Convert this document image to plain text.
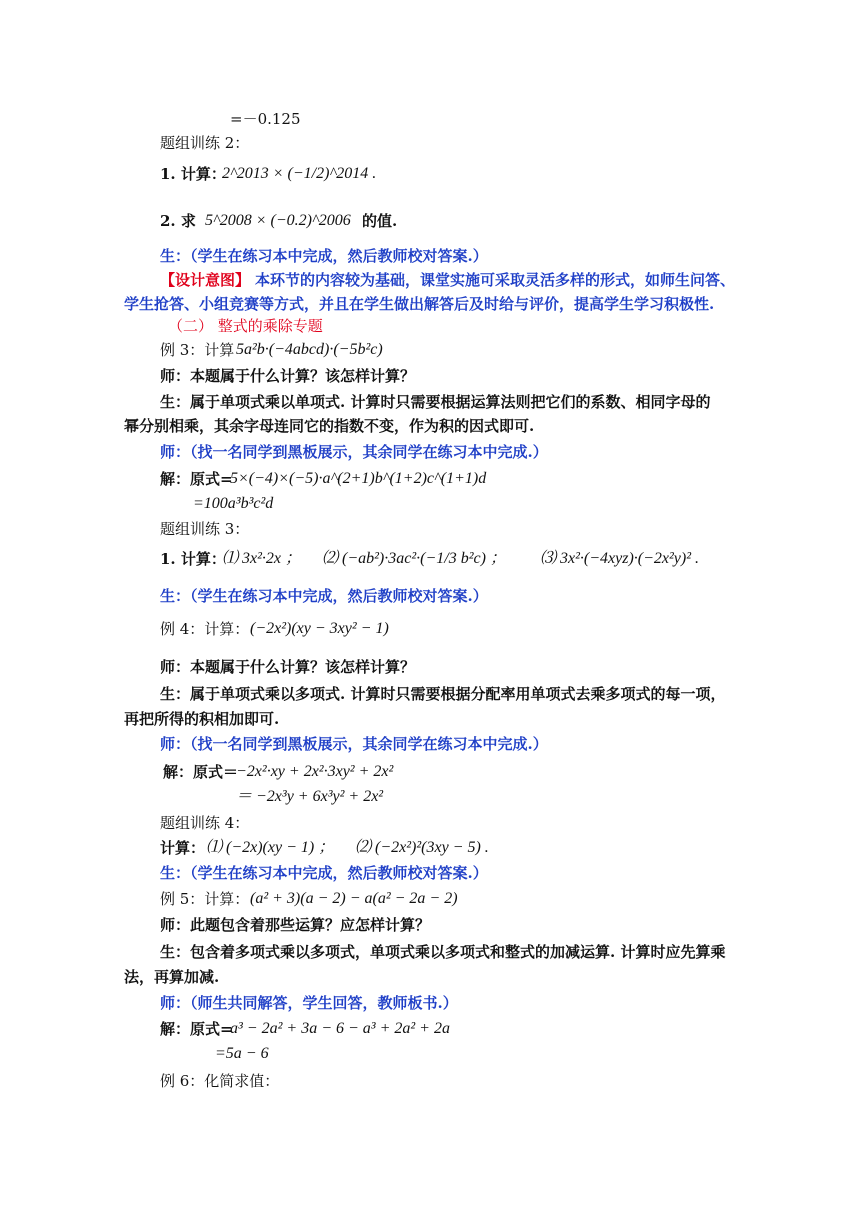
=－0.125
题组训练 2：
1. 计算：
2^2013 × (−1/2)^2014 .
2. 求 5^2008 × (−0.2)^2006 的值.
生：（学生在练习本中完成，然后教师校对答案.）
【设计意图】 本环节的内容较为基础，课堂实施可采取灵活多样的形式，如师生问答、
学生抢答、小组竞赛等方式，并且在学生做出解答后及时给与评价，提高学生学习积极性.
（二） 整式的乘除专题
例 3：计算 5a²b·(−4abcd)·(−5b²c)
师：本题属于什么计算？该怎样计算？
生：属于单项式乘以单项式. 计算时只需要根据运算法则把它们的系数、相同字母的
幂分别相乘，其余字母连同它的指数不变，作为积的因式即可.
师：（找一名同学到黑板展示，其余同学在练习本中完成.）
解：原式=
5×(−4)×(−5)·a^(2+1)b^(1+2)c^(1+1)d
=100a³b³c²d
题组训练 3：
1. 计算：
⑴ 3x²·2x ； ⑵ (−ab²)·3ac²·(−1/3 b²c) ； ⑶ 3x²·(−4xyz)·(−2x²y)² .
生：（学生在练习本中完成，然后教师校对答案.）
例 4：计算： (−2x²)(xy − 3xy² − 1)
师：本题属于什么计算？该怎样计算？
生：属于单项式乘以多项式. 计算时只需要根据分配率用单项式去乘多项式的每一项，
再把所得的积相加即可.
师：（找一名同学到黑板展示，其余同学在练习本中完成.）
解：原式＝
−2x²·xy + 2x²·3xy² + 2x²
＝ −2x³y + 6x³y² + 2x²
题组训练 4：
计算： ⑴ (−2x)(xy − 1) ； ⑵ (−2x²)²(3xy − 5) .
生：（学生在练习本中完成，然后教师校对答案.）
例 5：计算： (a² + 3)(a − 2) − a(a² − 2a − 2)
师：此题包含着那些运算？应怎样计算？
生：包含着多项式乘以多项式，单项式乘以多项式和整式的加减运算. 计算时应先算乘
法，再算加减.
师：（师生共同解答，学生回答，教师板书.）
解：原式=
a³ − 2a² + 3a − 6 − a³ + 2a² + 2a
=5a − 6
例 6：化简求值：
